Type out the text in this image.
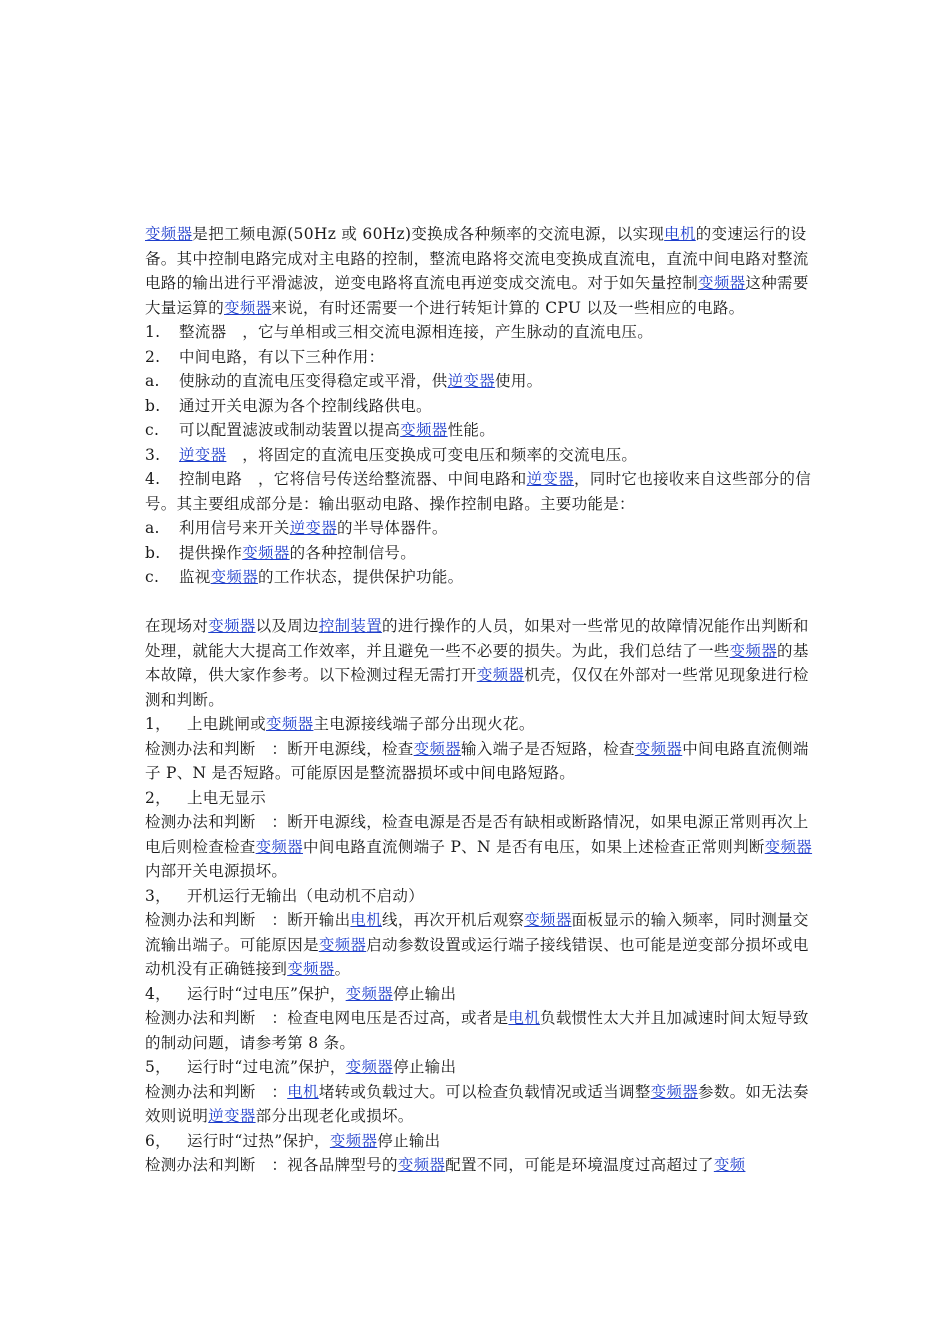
变频器是把工频电源(50Hz 或 60Hz)变换成各种频率的交流电源，以实现电机的变速运行的设备。其中控制电路完成对主电路的控制，整流电路将交流电变换成直流电，直流中间电路对整流电路的输出进行平滑滤波，逆变电路将直流电再逆变成交流电。对于如矢量控制变频器这种需要大量运算的变频器来说，有时还需要一个进行转矩计算的 CPU 以及一些相应的电路。

1. 整流器　，它与单相或三相交流电源相连接，产生脉动的直流电压。

2. 中间电路，有以下三种作用：

a. 使脉动的直流电压变得稳定或平滑，供逆变器使用。

b. 通过开关电源为各个控制线路供电。

c. 可以配置滤波或制动装置以提高变频器性能。

3. 逆变器　，将固定的直流电压变换成可变电压和频率的交流电压。

4. 控制电路　，它将信号传送给整流器、中间电路和逆变器，同时它也接收来自这些部分的信号。其主要组成部分是：输出驱动电路、操作控制电路。主要功能是：

a. 利用信号来开关逆变器的半导体器件。

b. 提供操作变频器的各种控制信号。

c. 监视变频器的工作状态，提供保护功能。

在现场对变频器以及周边控制装置的进行操作的人员，如果对一些常见的故障情况能作出判断和处理，就能大大提高工作效率，并且避免一些不必要的损失。为此，我们总结了一些变频器的基本故障，供大家作参考。以下检测过程无需打开变频器机壳，仅仅在外部对一些常见现象进行检测和判断。

1， 上电跳闸或变频器主电源接线端子部分出现火花。

检测办法和判断　：断开电源线，检查变频器输入端子是否短路，检查变频器中间电路直流侧端子 P、N 是否短路。可能原因是整流器损坏或中间电路短路。

2， 上电无显示

检测办法和判断　：断开电源线，检查电源是否是否有缺相或断路情况，如果电源正常则再次上电后则检查检查变频器中间电路直流侧端子 P、N 是否有电压，如果上述检查正常则判断变频器内部开关电源损坏。

3， 开机运行无输出（电动机不启动）

检测办法和判断　：断开输出电机线，再次开机后观察变频器面板显示的输入频率，同时测量交流输出端子。可能原因是变频器启动参数设置或运行端子接线错误、也可能是逆变部分损坏或电动机没有正确链接到变频器。

4， 运行时“过电压”保护，变频器停止输出

检测办法和判断　：检查电网电压是否过高，或者是电机负载惯性太大并且加减速时间太短导致的制动问题，请参考第 8 条。

5， 运行时“过电流”保护，变频器停止输出

检测办法和判断　：电机堵转或负载过大。可以检查负载情况或适当调整变频器参数。如无法奏效则说明逆变器部分出现老化或损坏。

6， 运行时“过热”保护，变频器停止输出

检测办法和判断　：视各品牌型号的变频器配置不同，可能是环境温度过高超过了变频
